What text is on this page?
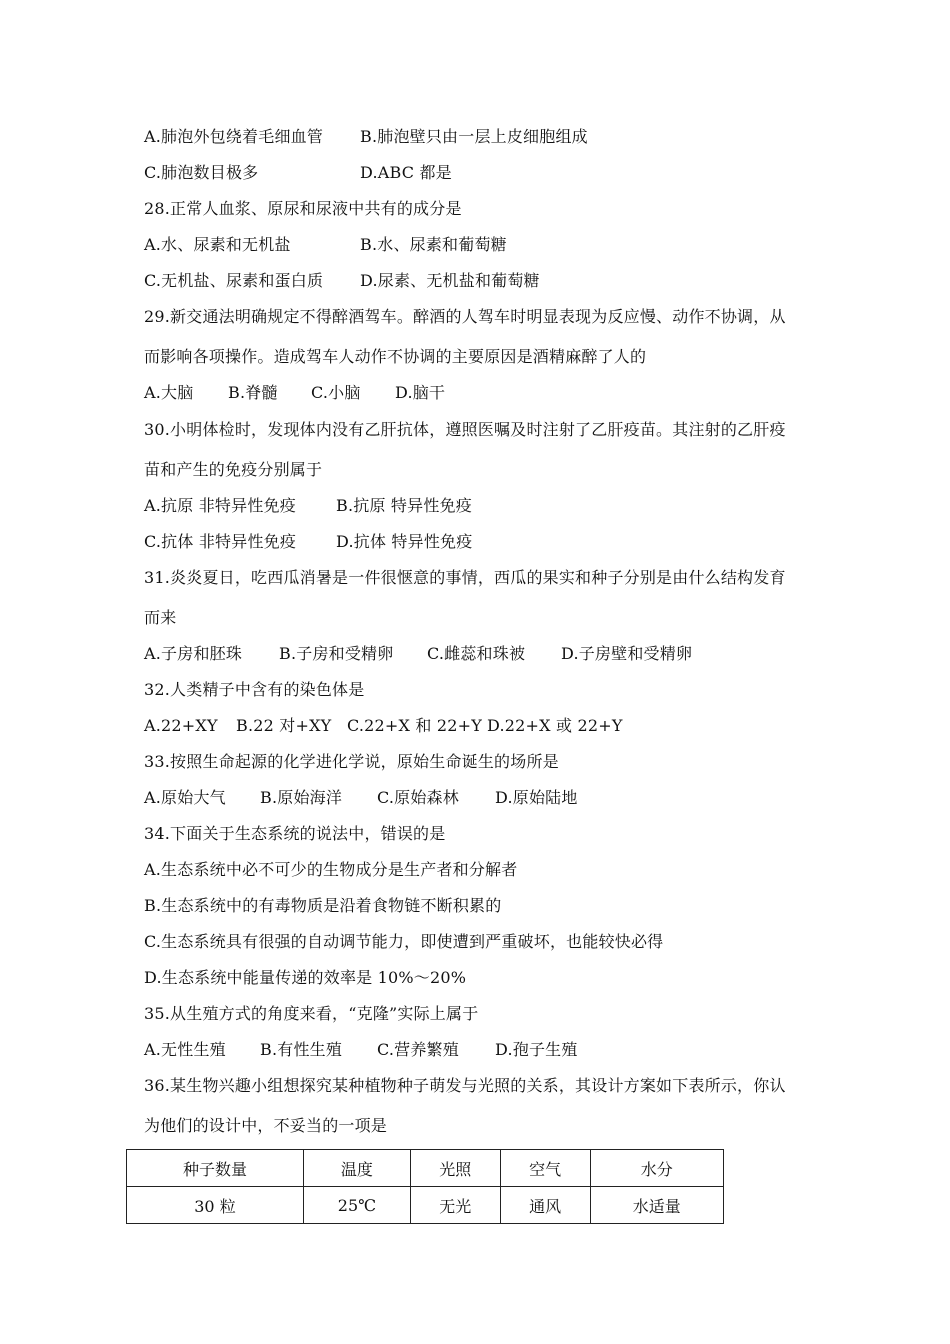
A.肺泡外包绕着毛细血管 B.肺泡壁只由一层上皮细胞组成
C.肺泡数目极多	D.ABC 都是
28.正常人血浆、原尿和尿液中共有的成分是
A.水、尿素和无机盐	B.水、尿素和葡萄糖
C.无机盐、尿素和蛋白质 D.尿素、无机盐和葡萄糖
29.新交通法明确规定不得醉酒驾车。醉酒的人驾车时明显表现为反应慢、动作不协调，从
而影响各项操作。造成驾车人动作不协调的主要原因是酒精麻醉了人的
A.大脑 B.脊髓 C.小脑 D.脑干
30.小明体检时，发现体内没有乙肝抗体，遵照医嘱及时注射了乙肝疫苗。其注射的乙肝疫
苗和产生的免疫分别属于
A.抗原 非特异性免疫	B.抗原 特异性免疫
C.抗体 非特异性免疫 D.抗体 特异性免疫
31.炎炎夏日，吃西瓜消暑是一件很惬意的事情，西瓜的果实和种子分别是由什么结构发育
而来
A.子房和胚珠 B.子房和受精卵 C.雌蕊和珠被 D.子房壁和受精卵
32.人类精子中含有的染色体是
A.22+XY B.22 对+XY C.22+X 和 22+Y D.22+X 或 22+Y
33.按照生命起源的化学进化学说，原始生命诞生的场所是
A.原始大气 B.原始海洋 C.原始森林 D.原始陆地
34.下面关于生态系统的说法中，错误的是
A.生态系统中必不可少的生物成分是生产者和分解者
B.生态系统中的有毒物质是沿着食物链不断积累的
C.生态系统具有很强的自动调节能力，即使遭到严重破坏，也能较快必得
D.生态系统中能量传递的效率是 10%～20%
35.从生殖方式的角度来看，“克隆”实际上属于
A.无性生殖 B.有性生殖 C.营养繁殖 D.孢子生殖
36.某生物兴趣小组想探究某种植物种子萌发与光照的关系，其设计方案如下表所示，你认
为他们的设计中，不妥当的一项是
种子数量	温度	光照	空气	水分
30 粒	25℃	无光	通风	水适量
